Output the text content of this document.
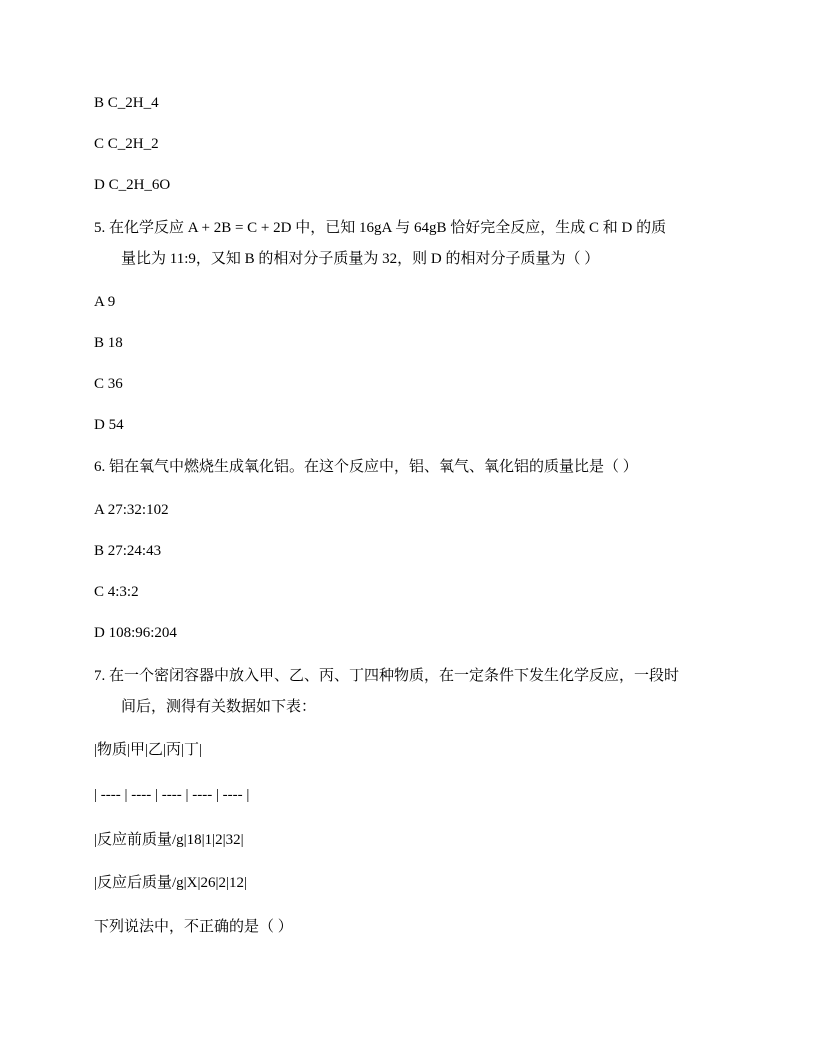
B C_2H_4
C C_2H_2
D C_2H_6O
5. 在化学反应 A + 2B = C + 2D 中，已知 16gA 与 64gB 恰好完全反应，生成 C 和 D 的质
量比为 11:9，又知 B 的相对分子质量为 32，则 D 的相对分子质量为（ ）
A 9
B 18
C 36
D 54
6. 铝在氧气中燃烧生成氧化铝。在这个反应中，铝、氧气、氧化铝的质量比是（ ）
A 27:32:102
B 27:24:43
C 4:3:2
D 108:96:204
7. 在一个密闭容器中放入甲、乙、丙、丁四种物质，在一定条件下发生化学反应，一段时
间后，测得有关数据如下表：
|物质|甲|乙|丙|丁|
| ---- | ---- | ---- | ---- | ---- |
|反应前质量/g|18|1|2|32|
|反应后质量/g|X|26|2|12|
下列说法中，不正确的是（ ）
